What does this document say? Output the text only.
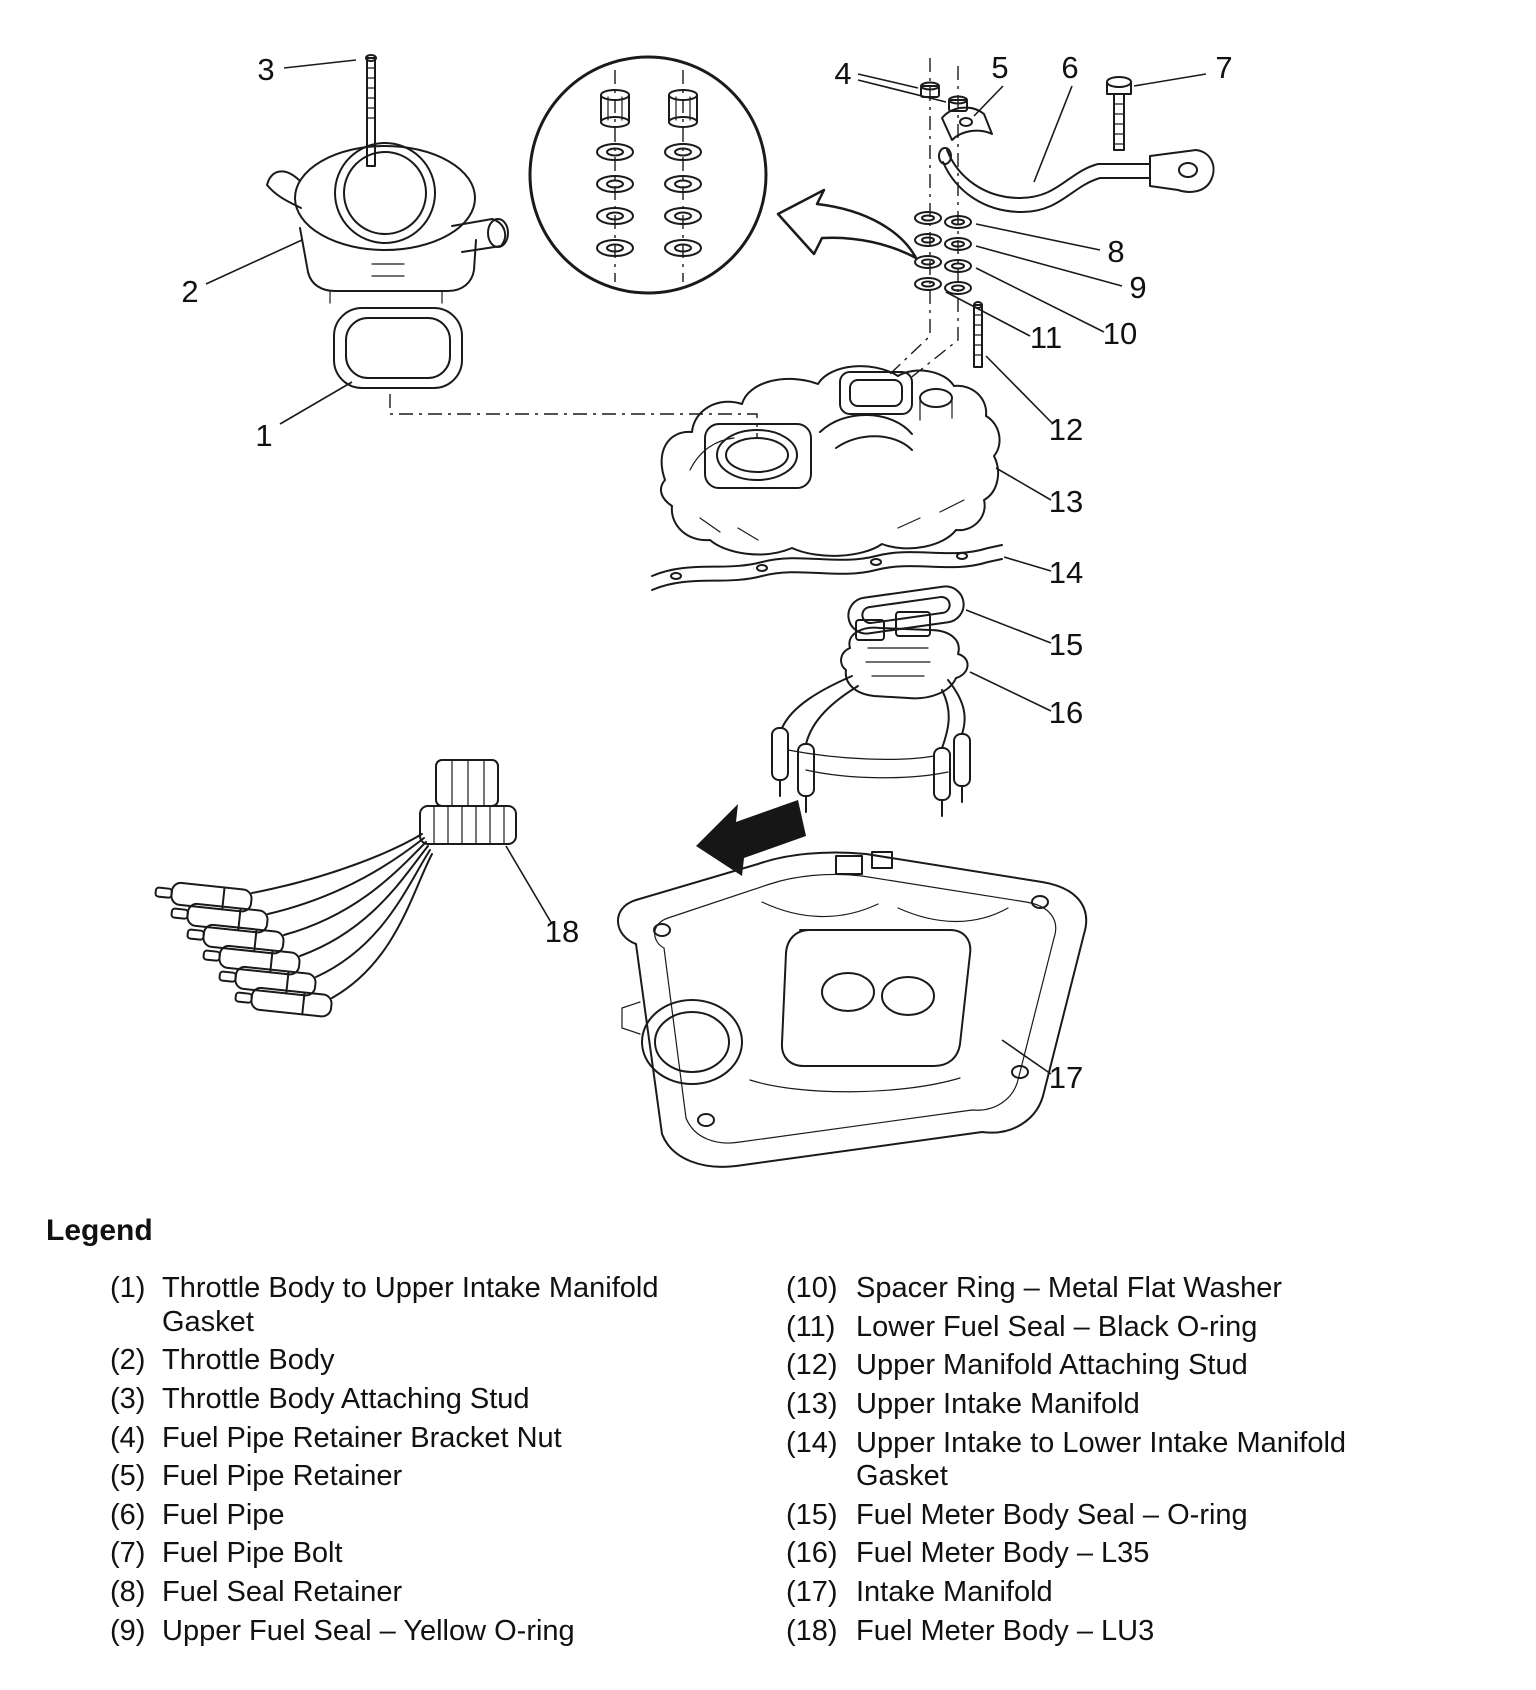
1
2
3	4	5 6	7
8
9
10
11
12
13
14
15
16
17
18
Legend
(1) Throttle Body to Upper Intake Manifold Gasket
(2) Throttle Body
(3) Throttle Body Attaching Stud
(4) Fuel Pipe Retainer Bracket Nut
(5) Fuel Pipe Retainer
(6) Fuel Pipe
(7) Fuel Pipe Bolt
(8) Fuel Seal Retainer
(9) Upper Fuel Seal – Yellow O-ring
(10) Spacer Ring – Metal Flat Washer
(11) Lower Fuel Seal – Black O-ring
(12) Upper Manifold Attaching Stud
(13) Upper Intake Manifold
(14) Upper Intake to Lower Intake Manifold Gasket
(15) Fuel Meter Body Seal – O-ring
(16) Fuel Meter Body – L35
(17) Intake Manifold
(18) Fuel Meter Body – LU3
